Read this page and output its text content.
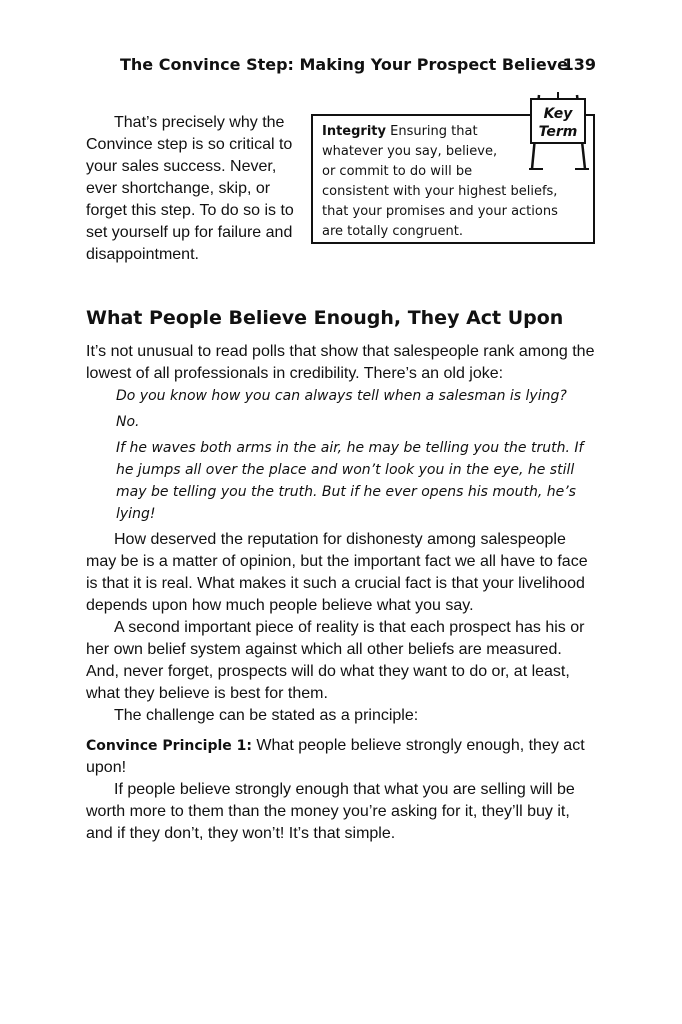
The Convince Step: Making Your Prospect Believe
139

That’s precisely why the Convince step is so critical to your sales success. Never, ever shortchange, skip, or forget this step. To do so is to set yourself up for failure and disappointment.

Key
Term
Integrity Ensuring that
whatever you say, believe,
or commit to do will be
consistent with your highest beliefs,
that your promises and your actions
are totally congruent.
What People Believe Enough, They Act Upon

It’s not unusual to read polls that show that salespeople rank among the lowest of all professionals in credibility. There’s an old joke:

Do you know how you can always tell when a salesman is lying?

No.

If he waves both arms in the air, he may be telling you the truth. If he jumps all over the place and won’t look you in the eye, he still may be telling you the truth. But if he ever opens his mouth, he’s lying!

How deserved the reputation for dishonesty among salespeople may be is a matter of opinion, but the important fact we all have to face is that it is real. What makes it such a crucial fact is that your livelihood depends upon how much people believe what you say.

A second important piece of reality is that each prospect has his or her own belief system against which all other beliefs are measured. And, never forget, prospects will do what they want to do or, at least, what they believe is best for them.

The challenge can be stated as a principle:

Convince Principle 1: What people believe strongly enough, they act upon!

If people believe strongly enough that what you are selling will be worth more to them than the money you’re asking for it, they’ll buy it, and if they don’t, they won’t! It’s that simple.
